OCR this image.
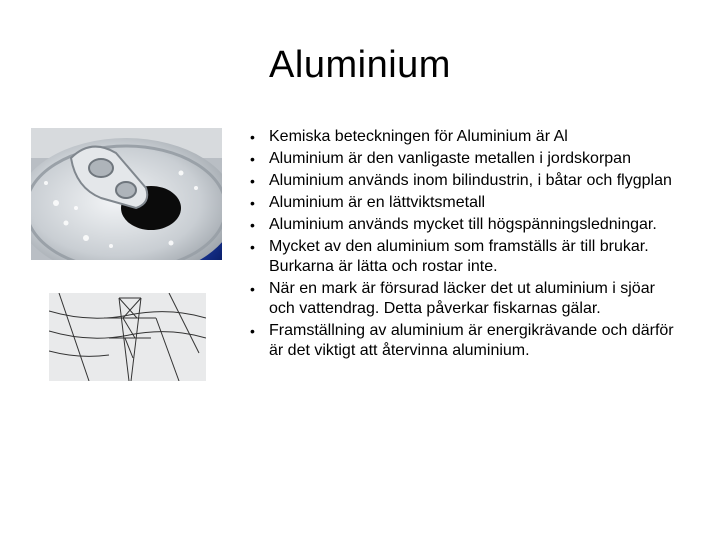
Aluminium
• Kemiska beteckningen för Aluminium är Al
• Aluminium är den vanligaste metallen i jordskorpan
• Aluminium används inom bilindustrin, i båtar och flygplan
• Aluminium är en lättviktsmetall
• Aluminium används mycket till högspänningsledningar.
• Mycket av den aluminium som framställs är till brukar. Burkarna är lätta och rostar inte.
• När en mark är försurad läcker det ut aluminium i sjöar och vattendrag. Detta påverkar fiskarnas gälar.
• Framställning av aluminium är energikrävande och därför är det viktigt att återvinna aluminium.
